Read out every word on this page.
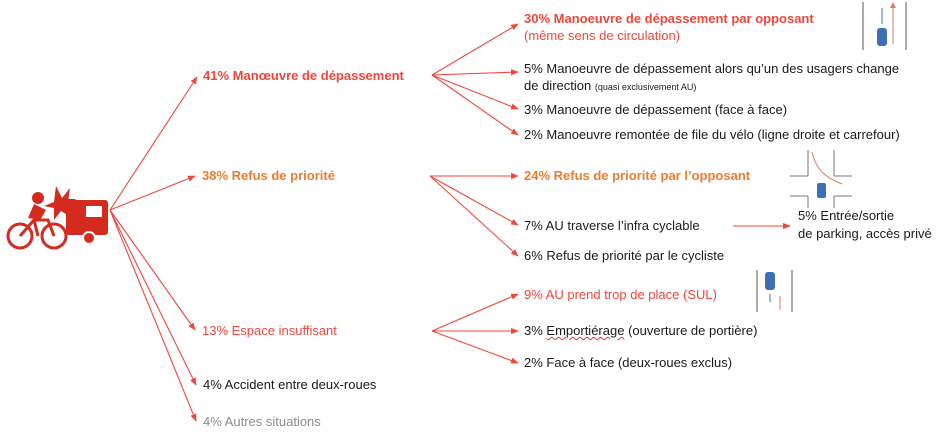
41% Manœuvre de dépassement
38% Refus de priorité
13% Espace insuffisant
4% Accident entre deux-roues
4% Autres situations
30% Manoeuvre de dépassement par opposant
(même sens de circulation)
5% Manoeuvre de dépassement alors qu’un des usagers change
de direction (quasi exclusivement AU)
3% Manoeuvre de dépassement (face à face)
2% Manoeuvre remontée de file du vélo (ligne droite et carrefour)
24% Refus de priorité par l’opposant
7% AU traverse l’infra cyclable
5% Entrée/sortie
de parking, accès privé
6% Refus de priorité par le cycliste
9% AU prend trop de place (SUL)
3% Emportiérage (ouverture de portière)
2% Face à face (deux-roues exclus)
